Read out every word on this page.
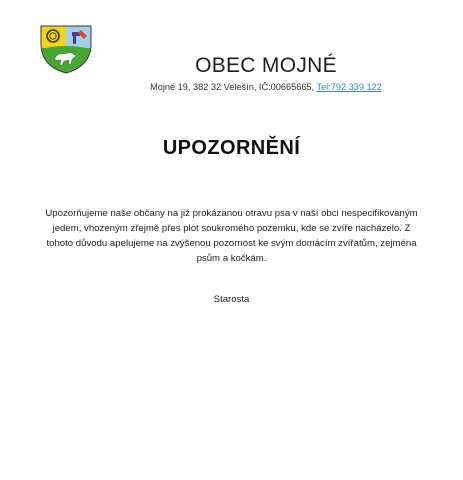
OBEC MOJNÉ
Mojné 19, 382 32 Velešín, IČ:00665665, Tel:792 339 122
UPOZORNĚNÍ
Upozorňujeme naše občany na již prokázanou otravu psa v naší obci nespecifikovaným jedem, vhozeným zřejmě přes plot soukromého pozemku, kde se zvíře nacházelo. Z tohoto důvodu apelujeme na zvýšenou pozornost ke svým domácím zvířatům, zejména psům a kočkám.
Starosta
